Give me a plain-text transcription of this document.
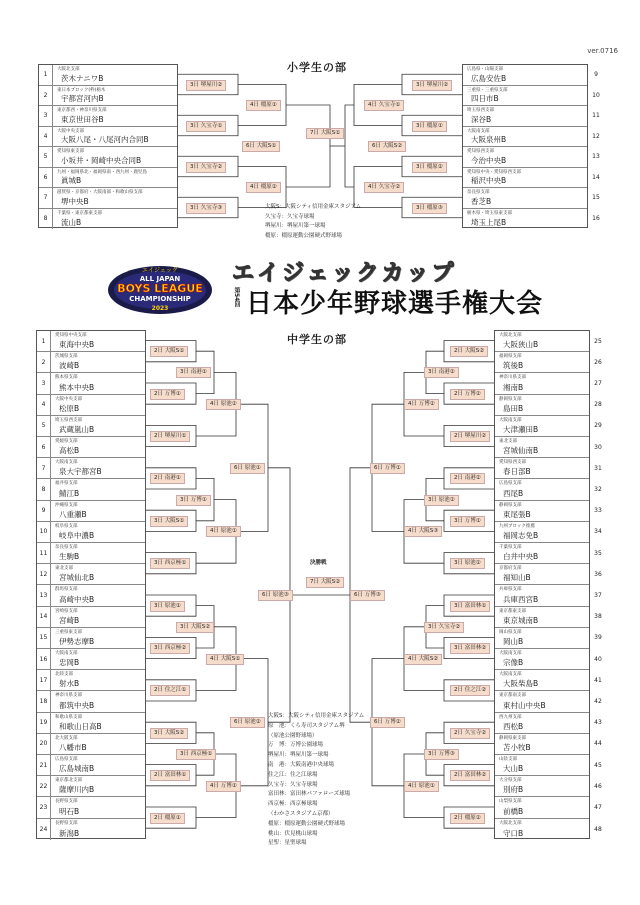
ver.0716
小学生の部
中学生の部
1
大阪北支部
茨木ナニワB
2
東日本ブロック(枠)栃木
宇都宮河内B
3
東京都西・神奈川県支部
東京世田谷B
4
大阪中央支部
大阪八尾・八尾河内合同B
5
愛知県東支部
小坂井・岡崎中央合同B
6
九州・福岡県北・福岡県南・西九州・鹿児島
眞城B
7
滋賀県・京都府・大阪南部・和歌山県支部
堺中央B
8
千葉県・東京都東支部
流山B
9
広島県・山陽支部
広島安佐B
10
三重県・三重県支部
四日市B
11
埼玉県西支部
深谷B
12
大阪南支部
大阪泉州B
13
愛知県西支部
今治中央B
14
愛知県中央・愛知県西支部
稲沢中央B
15
奈良県支部
香芝B
16
栃木県・埼玉県東支部
埼玉上尾B
3日 堺屋川②
3日 久宝寺①
3日 久宝寺②
3日 久宝寺③
4日 橿原①
4日 橿原②
6日 大阪S①
3日 堺屋川②
3日 橿原①
3日 橿原②
3日 橿原③
4日 久宝寺①
4日 久宝寺②
6日 大阪S②
7日 大阪S①
大阪S：大阪シティ信用金庫スタジアム
久宝寺：久宝寺球場
堺屋川：堺屋川第一球場
橿原：橿原運動公園硬式野球場
1
愛知県中央支部
東海中央B
2
茨城県支部
波崎B
3
熊本県支部
熊本中央B
4
大阪中央支部
松原B
5
埼玉県西支部
武蔵嵐山B
6
愛媛県支部
高松B
7
大阪南支部
泉大宇都宮B
8
福井県支部
鯖江B
9
沖縄県支部
八重瀬B
10
岐阜県支部
岐阜中濃B
11
奈良県支部
生駒B
12
東北支部
宮城仙北B
13
群馬県支部
高崎中央B
14
宮崎県支部
宮崎B
15
三重県東支部
伊勢志摩B
16
大阪南支部
忠岡B
17
北陸支部
射水B
18
神奈川県支部
都筑中央B
19
和歌山県支部
和歌山日高B
20
北大阪支部
八幡市B
21
広島県支部
広島城南B
22
東京都北支部
薩摩川内B
23
長野県支部
明石B
24
長野県支部
新潟B
25
大阪北支部
大阪狭山B
26
福岡県支部
筑後B
27
神奈川県支部
湘南B
28
静岡県支部
島田B
29
大阪南支部
大津瀬田B
30
東北支部
宮城仙南B
31
愛知県西支部
春日部B
32
広島県支部
西尾B
33
静岡県支部
東尾張B
34
九州ブロック推薦
福岡志免B
35
千葉県支部
白井中央B
36
京都府支部
福知山B
37
兵庫県支部
兵庫西宮B
38
東京都東支部
東京城南B
39
岡山県支部
岡山B
40
大阪南支部
宗像B
41
大阪南支部
大阪柴島B
42
東京都南支部
東村山中央B
43
西九州支部
西松B
44
静岡県東支部
苫小牧B
45
山陰支部
大山B
46
大分県支部
別府B
47
山梨県支部
前橋B
48
大阪北支部
守口B
2日 大阪S①
2日 万博①
2日 堺屋川①
2日 南港①
3日 大阪S①
3日 西京極①
3日 原池①
3日 西京極②
2日 住之江①
3日 大阪S②
2日 富田林①
2日 橿原①
3日 南港①
3日 万博①
3日 大阪S②
3日 西京極①
4日 原池②
4日 原池①
4日 大阪S①
4日 万博①
6日 原池①
6日 原池②
2日 大阪S②
2日 万博②
2日 堺屋川②
2日 南港②
3日 万博①
3日 原池②
3日 富田林①
3日 富田林②
2日 住之江②
2日 久宝寺②
2日 富田林②
2日 橿原②
3日 南港②
3日 原池②
3日 久宝寺②
3日 万博③
4日 万博②
4日 大阪S③
4日 大阪S②
4日 原池①
6日 万博①
6日 万博②
6日 原池③	6日 万博③
7日 大阪S②
大阪S：大阪シティ信用金庫スタジアム
原　池：くら寿司スタジアム堺
（原池公園野球場）
万　博：万博公園球場
堺屋川：堺屋川第一球場
南　港：大阪南港中央球場
住之江：住之江球場
久宝寺：久宝寺球場
富田林：富田林バファローズ球場
西京極：西京極球場
（わかさスタジアム京都）
橿原：橿原運動公園硬式野球場
桃山：伏見桃山球場
星聖：星聖球場
エイジェック
ALL JAPAN
BOYS LEAGUE
CHAMPIONSHIP
2023
エイジェックカップ
第54回 日本少年野球選手権大会
決勝戦
